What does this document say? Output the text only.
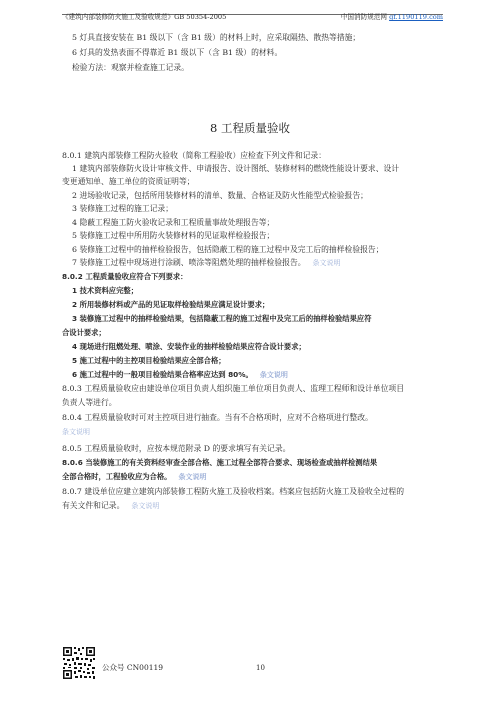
《建筑内部装修防火施工及验收规范》GB 50354-2005	中国消防规范网 gf.1190119.com
5 灯具直接安装在 B1 级以下（含 B1 级）的材料上时，应采取隔热、散热等措施；
6 灯具的发热表面不得靠近 B1 级以下（含 B1 级）的材料。
检验方法：观察并检查施工记录。
8 工程质量验收
8.0.1 建筑内部装修工程防火验收（简称工程验收）应检查下列文件和记录：
1 建筑内部装修防火设计审核文件、申请报告、设计图纸、装修材料的燃烧性能设计要求、设计
变更通知单、施工单位的资质证明等；
2 进场验收记录，包括所用装修材料的清单、数量、合格证及防火性能型式检验报告；
3 装修施工过程的施工记录；
4 隐蔽工程施工防火验收记录和工程质量事故处理报告等；
5 装修施工过程中所用防火装修材料的见证取样检验报告；
6 装修施工过程中的抽样检验报告，包括隐蔽工程的施工过程中及完工后的抽样检验报告；
7 装修施工过程中现场进行涂刷、喷涂等阻燃处理的抽样检验报告。 条文说明
8.0.2 工程质量验收应符合下列要求：
1 技术资料应完整；
2 所用装修材料或产品的见证取样检验结果应满足设计要求；
3 装修施工过程中的抽样检验结果，包括隐蔽工程的施工过程中及完工后的抽样检验结果应符
合设计要求；
4 现场进行阻燃处理、喷涂、安装作业的抽样检验结果应符合设计要求；
5 施工过程中的主控项目检验结果应全部合格；
6 施工过程中的一般项目检验结果合格率应达到 80%。 条文说明
8.0.3 工程质量验收应由建设单位项目负责人组织施工单位项目负责人、监理工程师和设计单位项目
负责人等进行。
8.0.4 工程质量验收时可对主控项目进行抽查。当有不合格项时，应对不合格项进行整改。
条文说明
8.0.5 工程质量验收时，应按本规范附录 D 的要求填写有关记录。
8.0.6 当装修施工的有关资料经审查全部合格、施工过程全部符合要求、现场检查或抽样检测结果
全部合格时，工程验收应为合格。 条文说明
8.0.7 建设单位应建立建筑内部装修工程防火施工及验收档案。档案应包括防火施工及验收全过程的
有关文件和记录。 条文说明
公众号 CN00119	10
